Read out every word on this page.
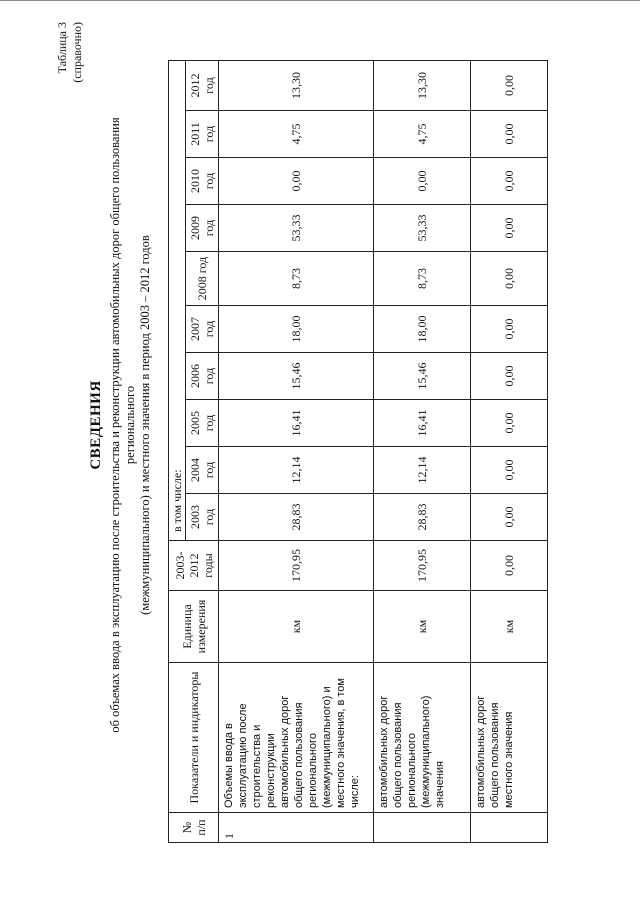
Таблица 3 (справочно)
СВЕДЕНИЯ об объемах ввода в эксплуатацию после строительства и реконструкции автомобильных дорог общего пользования регионального (межмуниципального) и местного значения в период 2003 – 2012 годов
№ п/п	Показатели и индикаторы	Единица измерения	2003-2012 годы	в том числе:									
				2003 год	2004 год	2005 год	2006 год	2007 год	2008 год	2009 год	2010 год	2011 год	2012 год
1	Объемы ввода в эксплуатацию после строительства и реконструкции автомобильных дорог общего пользования регионального (межмуниципального) и местного значения, в том числе:	км	170,95	28,83	12,14	16,41	15,46	18,00	8,73	53,33	0,00	4,75	13,30
	автомобильных дорог общего пользования регионального (межмуниципального) значения	км	170,95	28,83	12,14	16,41	15,46	18,00	8,73	53,33	0,00	4,75	13,30
	автомобильных дорог общего пользования местного значения	км	0,00	0,00	0,00	0,00	0,00	0,00	0,00	0,00	0,00	0,00	0,00
